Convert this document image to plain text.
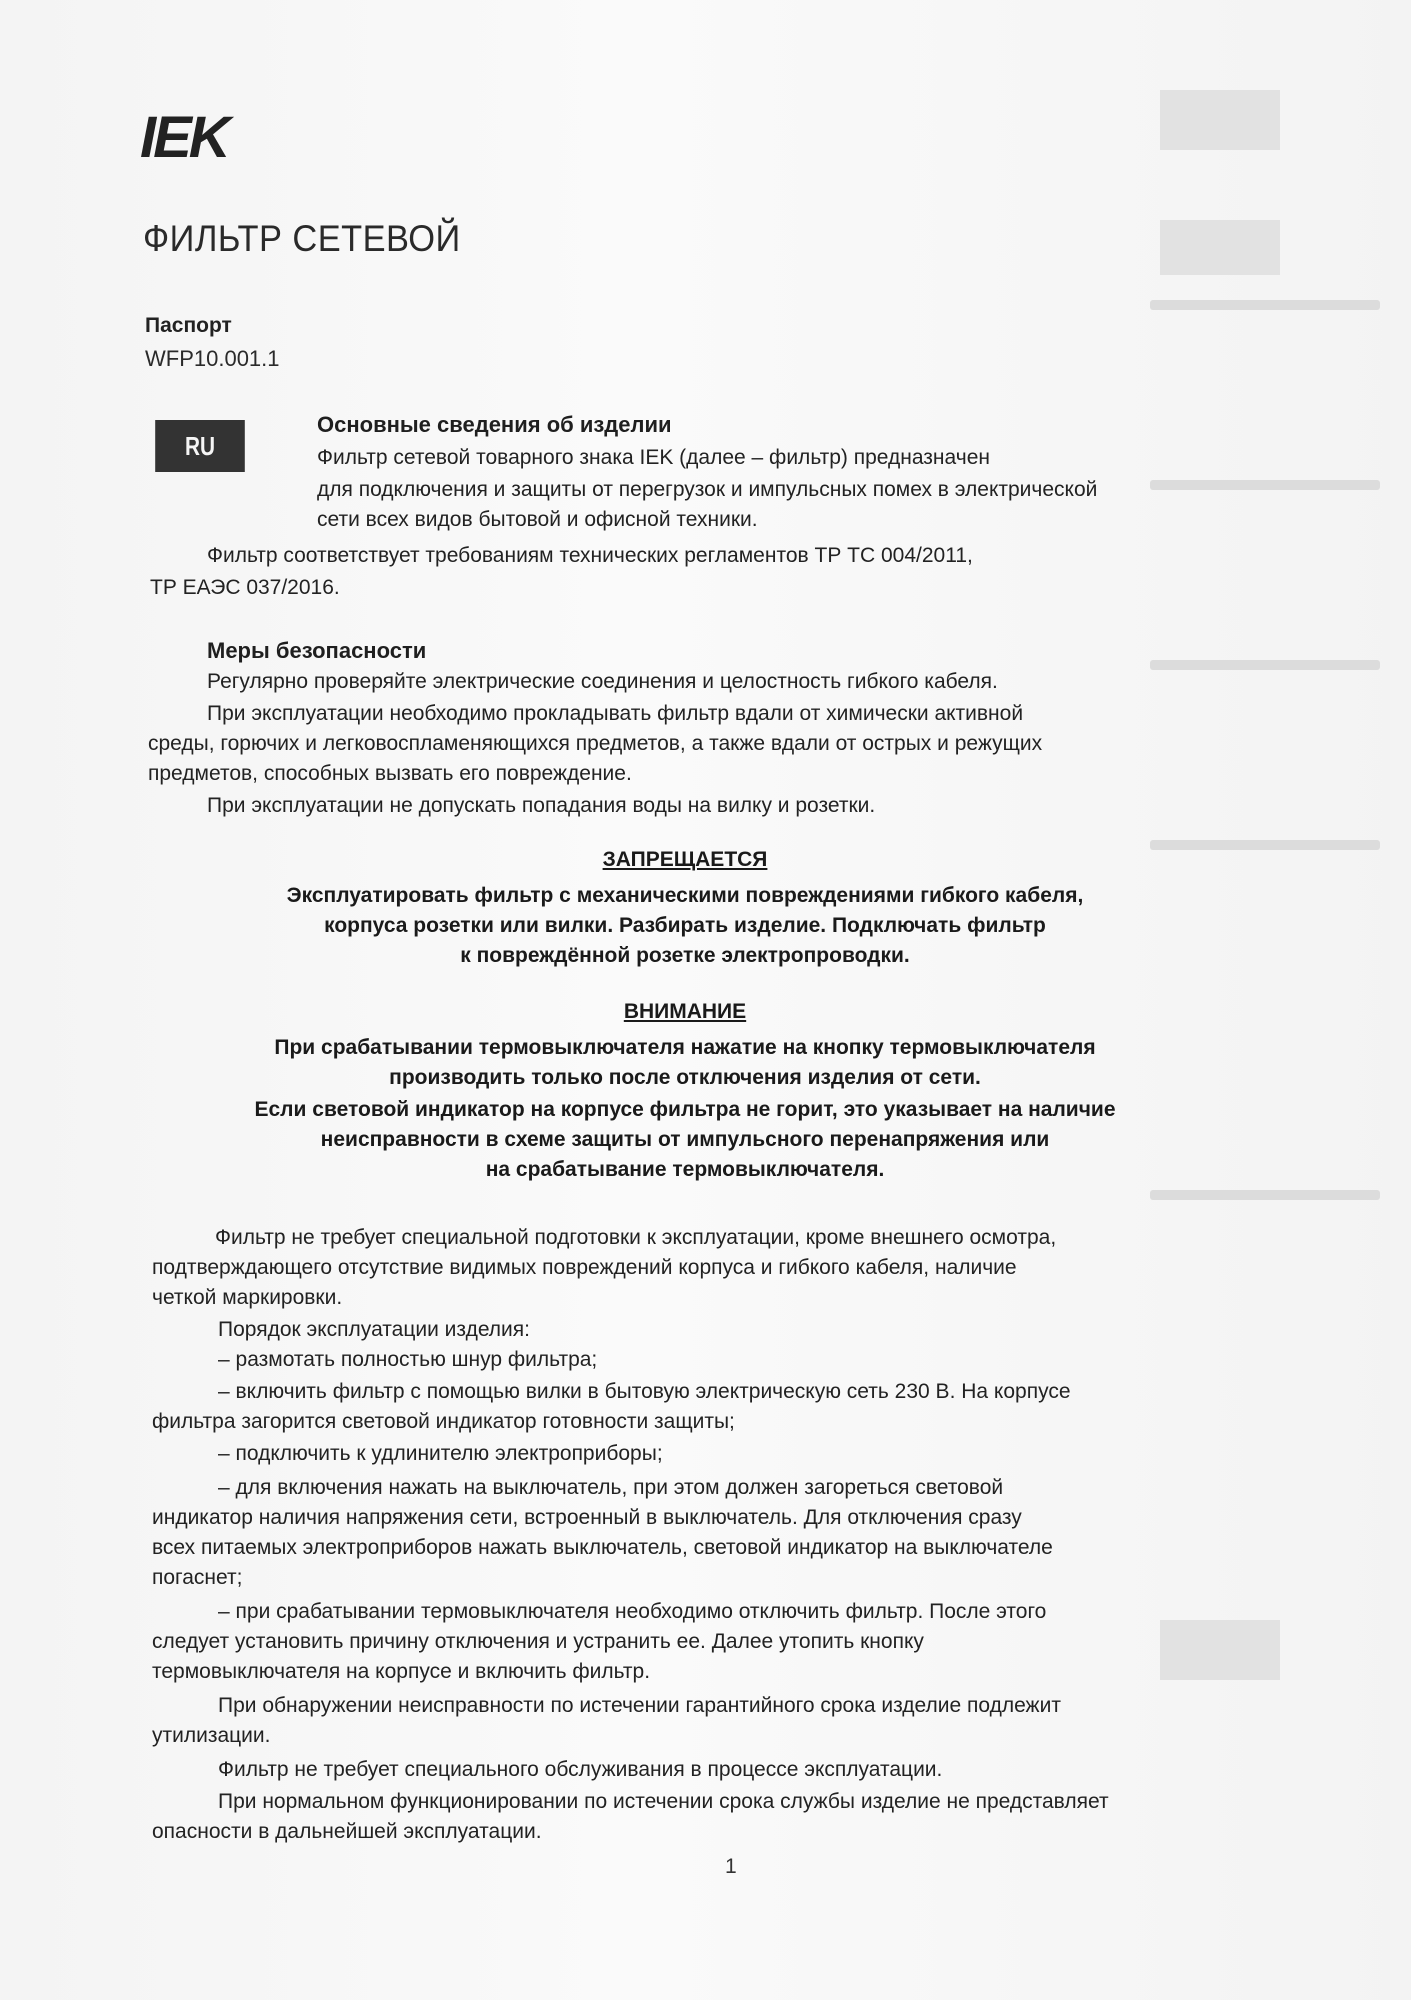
IEK
ФИЛЬТР СЕТЕВОЙ
Паспорт
WFP10.001.1
RU
Основные сведения об изделии
Фильтр сетевой товарного знака IEK (далее – фильтр) предназначен
для подключения и защиты от перегрузок и импульсных помех в электрической
сети всех видов бытовой и офисной техники.
Фильтр соответствует требованиям технических регламентов ТР ТС 004/2011,
ТР ЕАЭС 037/2016.
Меры безопасности
Регулярно проверяйте электрические соединения и целостность гибкого кабеля.
При эксплуатации необходимо прокладывать фильтр вдали от химически активной
среды, горючих и легковоспламеняющихся предметов, а также вдали от острых и режущих
предметов, способных вызвать его повреждение.
При эксплуатации не допускать попадания воды на вилку и розетки.
ЗАПРЕЩАЕТСЯ
Эксплуатировать фильтр с механическими повреждениями гибкого кабеля,
корпуса розетки или вилки. Разбирать изделие. Подключать фильтр
к повреждённой розетке электропроводки.
ВНИМАНИЕ
При срабатывании термовыключателя нажатие на кнопку термовыключателя
производить только после отключения изделия от сети.
Если световой индикатор на корпусе фильтра не горит, это указывает на наличие
неисправности в схеме защиты от импульсного перенапряжения или
на срабатывание термовыключателя.
Фильтр не требует специальной подготовки к эксплуатации, кроме внешнего осмотра,
подтверждающего отсутствие видимых повреждений корпуса и гибкого кабеля, наличие
четкой маркировки.
Порядок эксплуатации изделия:
– размотать полностью шнур фильтра;
– включить фильтр с помощью вилки в бытовую электрическую сеть 230 В. На корпусе
фильтра загорится световой индикатор готовности защиты;
– подключить к удлинителю электроприборы;
– для включения нажать на выключатель, при этом должен загореться световой
индикатор наличия напряжения сети, встроенный в выключатель. Для отключения сразу
всех питаемых электроприборов нажать выключатель, световой индикатор на выключателе
погаснет;
– при срабатывании термовыключателя необходимо отключить фильтр. После этого
следует установить причину отключения и устранить ее. Далее утопить кнопку
термовыключателя на корпусе и включить фильтр.
При обнаружении неисправности по истечении гарантийного срока изделие подлежит
утилизации.
Фильтр не требует специального обслуживания в процессе эксплуатации.
При нормальном функционировании по истечении срока службы изделие не представляет
опасности в дальнейшей эксплуатации.
1
